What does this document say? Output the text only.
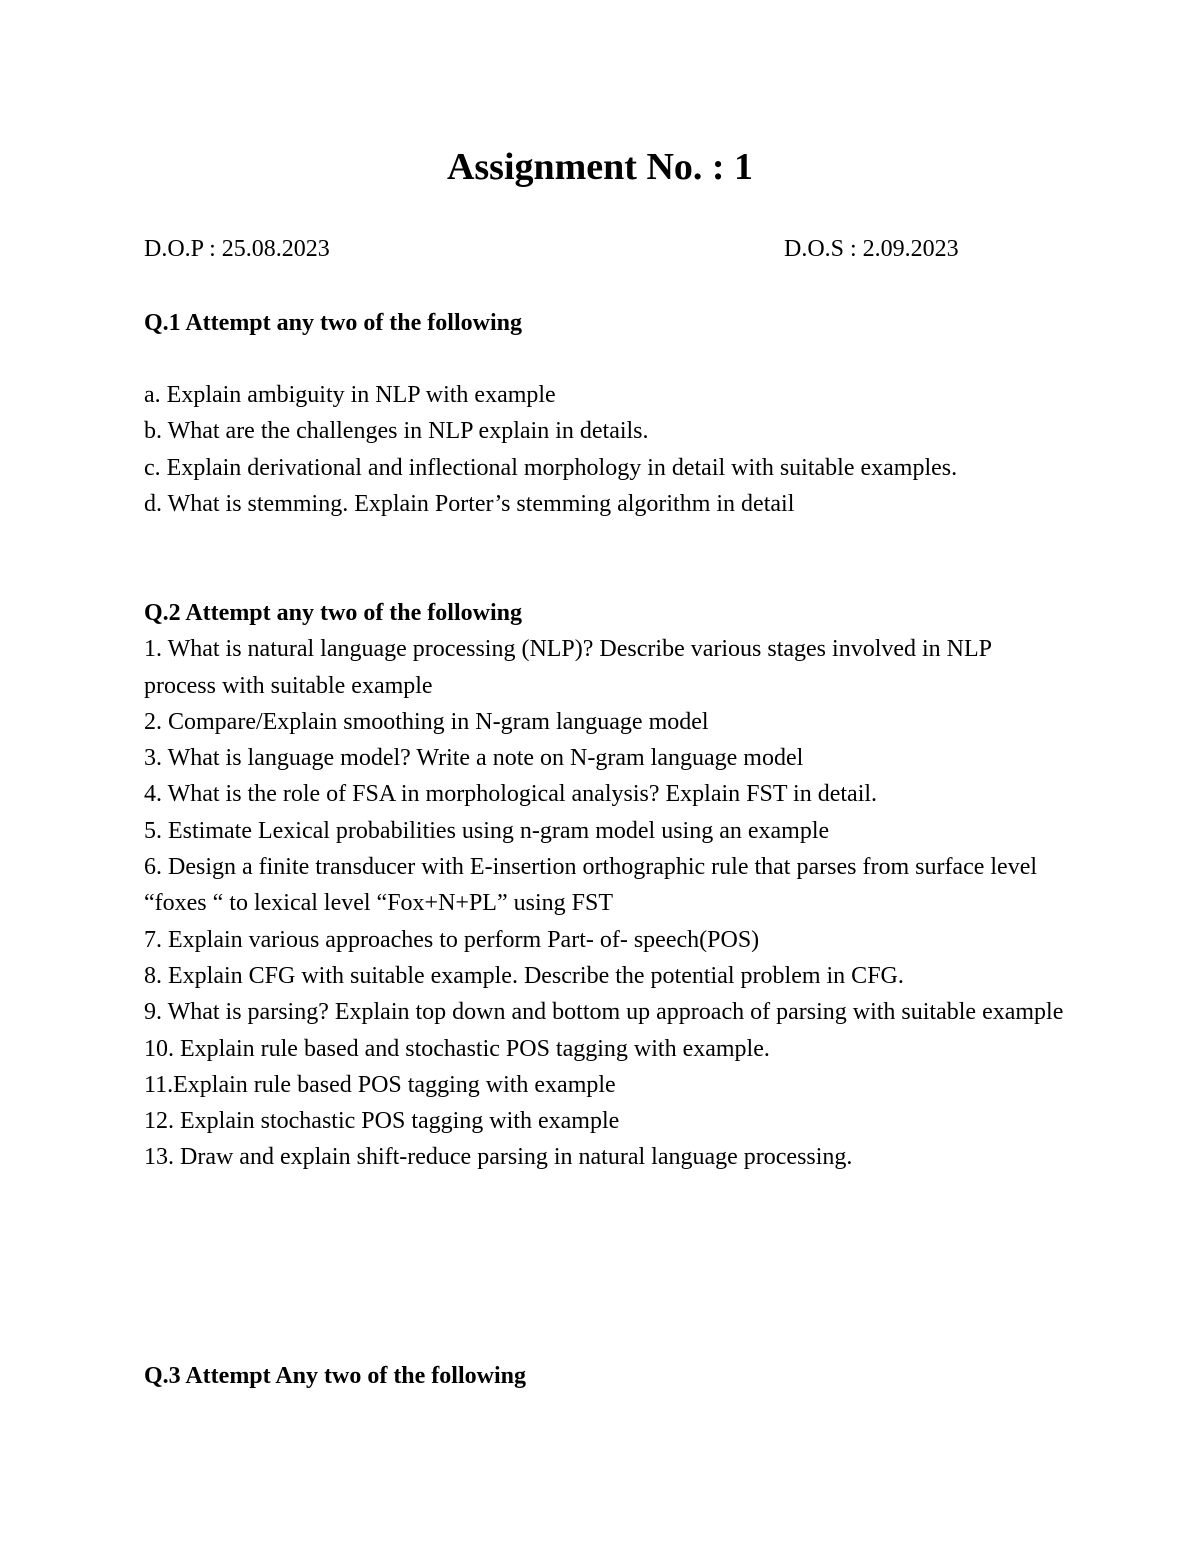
Assignment No. : 1
D.O.P : 25.08.2023	D.O.S : 2.09.2023
Q.1 Attempt any two of the following
a. Explain ambiguity in NLP with example
b. What are the challenges in NLP explain in details.
c. Explain derivational and inflectional morphology in detail with suitable examples.
d. What is stemming. Explain Porter’s stemming algorithm in detail
Q.2 Attempt any two of the following
1. What is natural language processing (NLP)? Describe various stages involved in NLP process with suitable example
2. Compare/Explain smoothing in N-gram language model
3. What is language model? Write a note on N-gram language model
4. What is the role of FSA in morphological analysis? Explain FST in detail.
5. Estimate Lexical probabilities using n-gram model using an example
6. Design a finite transducer with E-insertion orthographic rule that parses from surface level “foxes “ to lexical level “Fox+N+PL” using FST
7. Explain various approaches to perform Part- of- speech(POS)
8. Explain CFG with suitable example. Describe the potential problem in CFG.
9. What is parsing? Explain top down and bottom up approach of parsing with suitable example
10. Explain rule based and stochastic POS tagging with example.
11.Explain rule based POS tagging with example
12. Explain stochastic POS tagging with example
13. Draw and explain shift-reduce parsing in natural language processing.
Q.3 Attempt Any two of the following
